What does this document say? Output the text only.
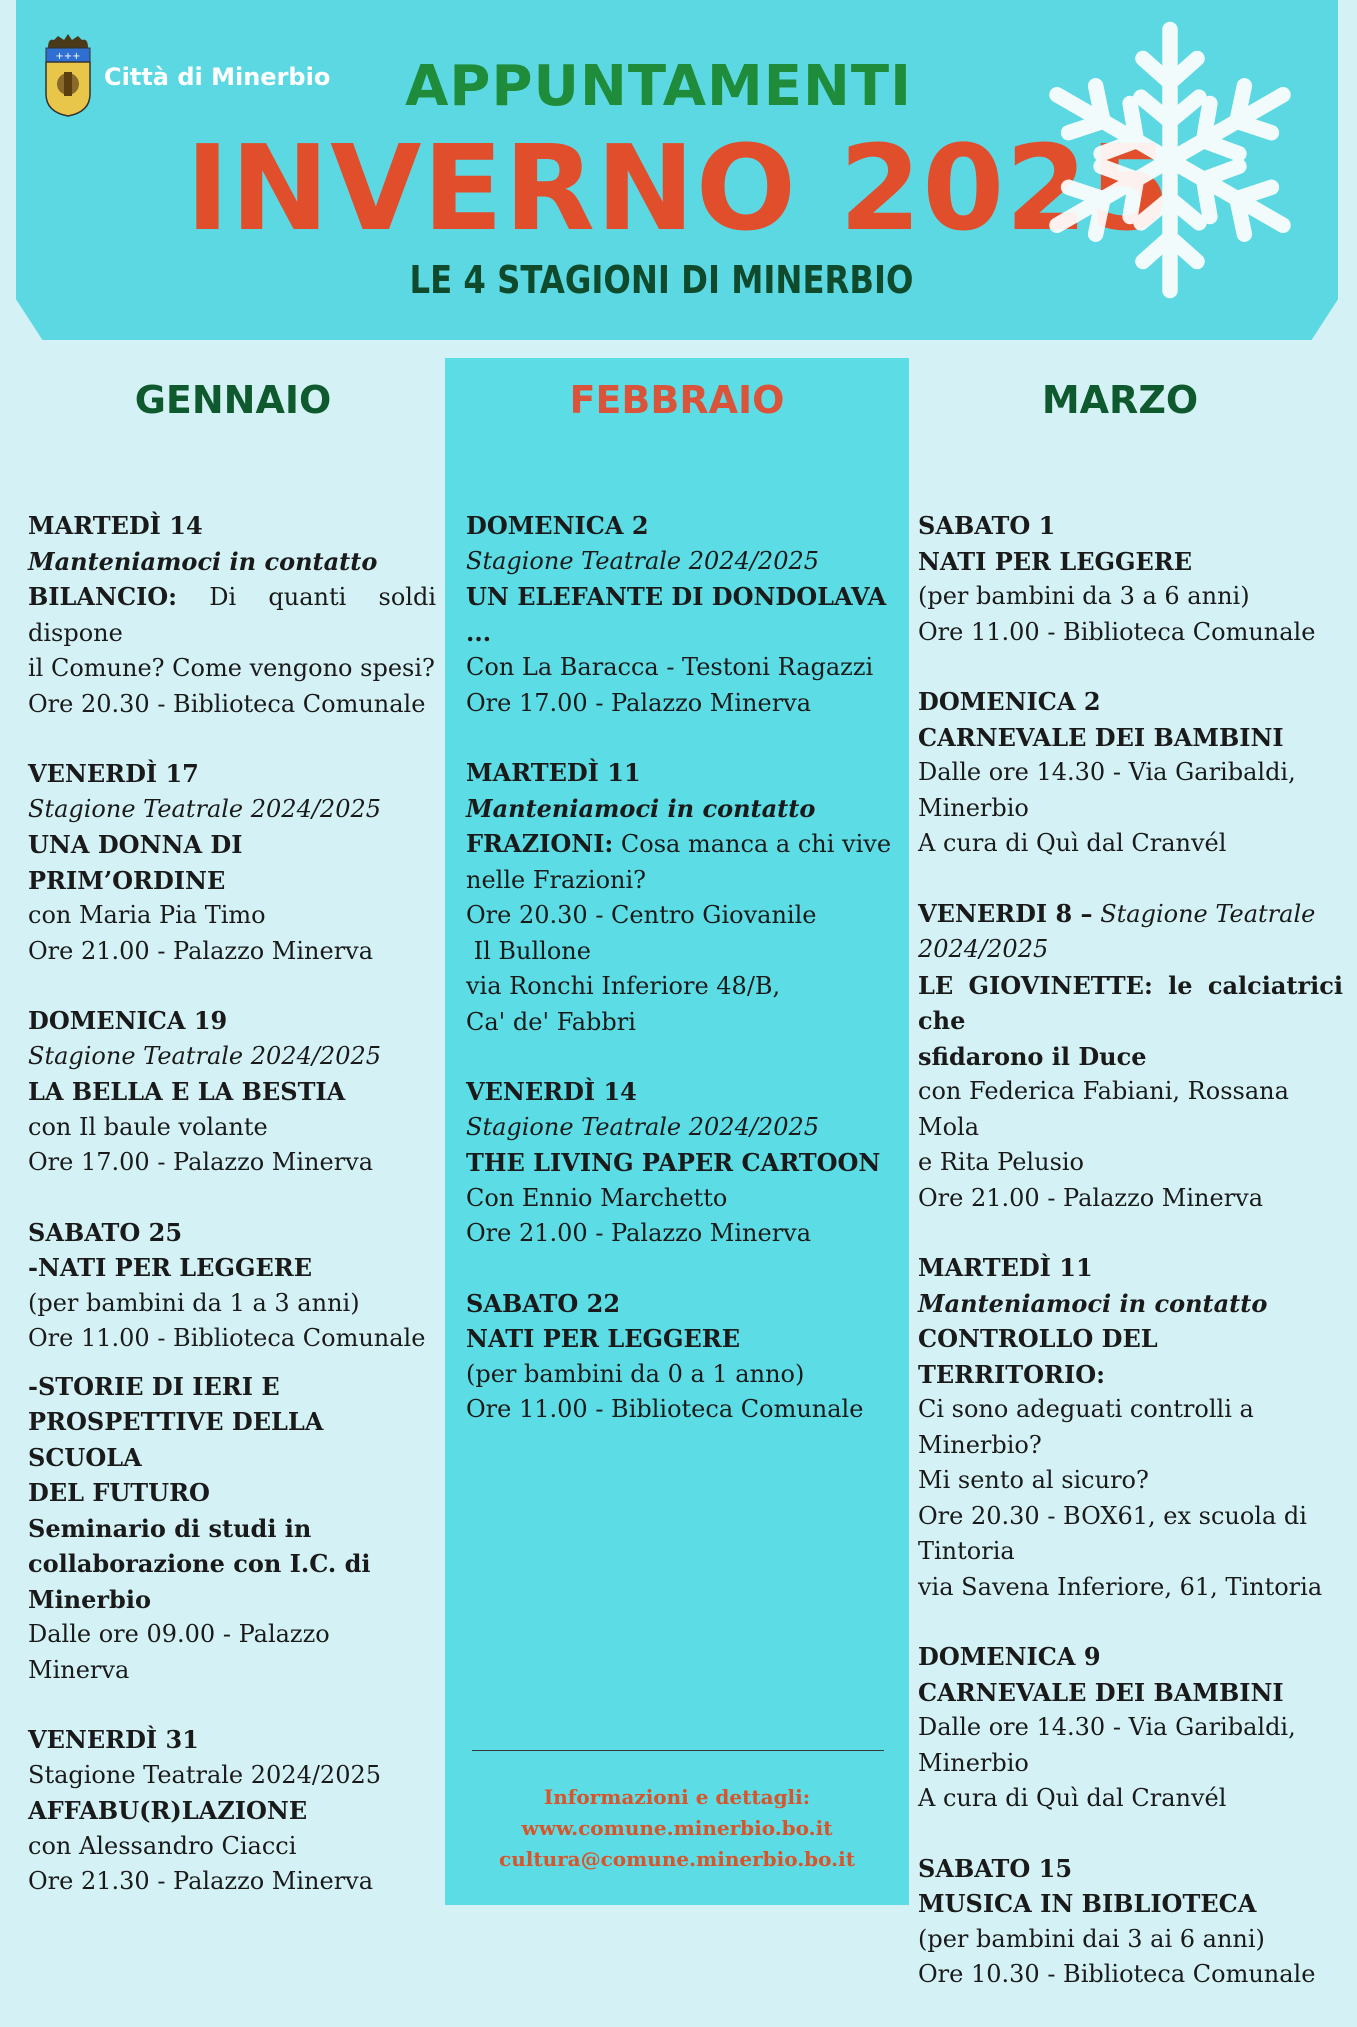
+++
Città di Minerbio	APPUNTAMENTI
INVERNO 2025
LE 4 STAGIONI DI MINERBIO
GENNAIO	FEBBRAIO	MARZO

MARTEDÌ 14

Manteniamoci in contatto

BILANCIO: Di quanti soldi dispone

il Comune? Come vengono spesi?

Ore 20.30 - Biblioteca Comunale

VENERDÌ 17

Stagione Teatrale 2024/2025

UNA DONNA DI PRIM’ORDINE

con Maria Pia Timo

Ore 21.00 - Palazzo Minerva

DOMENICA 19

Stagione Teatrale 2024/2025

LA BELLA E LA BESTIA

con Il baule volante

Ore 17.00 - Palazzo Minerva

SABATO 25

-NATI PER LEGGERE

(per bambini da 1 a 3 anni)

Ore 11.00 - Biblioteca Comunale

-STORIE DI IERI E

PROSPETTIVE DELLA SCUOLA

DEL FUTURO

Seminario di studi in

collaborazione con I.C. di

Minerbio

Dalle ore 09.00 - Palazzo Minerva

VENERDÌ 31

Stagione Teatrale 2024/2025

AFFABU(R)LAZIONE

con Alessandro Ciacci

Ore 21.30 - Palazzo Minerva

DOMENICA 2

Stagione Teatrale 2024/2025

UN ELEFANTE DI DONDOLAVA ...

Con La Baracca - Testoni Ragazzi

Ore 17.00 - Palazzo Minerva

MARTEDÌ 11

Manteniamoci in contatto

FRAZIONI: Cosa manca a chi vive

nelle Frazioni?

Ore 20.30 - Centro Giovanile

Il Bullone

via Ronchi Inferiore 48/B,

Ca' de' Fabbri

VENERDÌ 14

Stagione Teatrale 2024/2025

THE LIVING PAPER CARTOON

Con Ennio Marchetto

Ore 21.00 - Palazzo Minerva

SABATO 22

NATI PER LEGGERE

(per bambini da 0 a 1 anno)

Ore 11.00 - Biblioteca Comunale

Informazioni e dettagli:

www.comune.minerbio.bo.it

cultura@comune.minerbio.bo.it

SABATO 1

NATI PER LEGGERE

(per bambini da 3 a 6 anni)

Ore 11.00 - Biblioteca Comunale

DOMENICA 2

CARNEVALE DEI BAMBINI

Dalle ore 14.30 - Via Garibaldi,

Minerbio

A cura di Quì dal Cranvél

VENERDI 8 – Stagione Teatrale

2024/2025

LE GIOVINETTE: le calciatrici che

sfidarono il Duce

con Federica Fabiani, Rossana Mola

e Rita Pelusio

Ore 21.00 - Palazzo Minerva

MARTEDÌ 11

Manteniamoci in contatto

CONTROLLO DEL TERRITORIO:

Ci sono adeguati controlli a

Minerbio?

Mi sento al sicuro?

Ore 20.30 - BOX61, ex scuola di

Tintoria

via Savena Inferiore, 61, Tintoria

DOMENICA 9

CARNEVALE DEI BAMBINI

Dalle ore 14.30 - Via Garibaldi,

Minerbio

A cura di Quì dal Cranvél

SABATO 15

MUSICA IN BIBLIOTECA

(per bambini dai 3 ai 6 anni)

Ore 10.30 - Biblioteca Comunale
